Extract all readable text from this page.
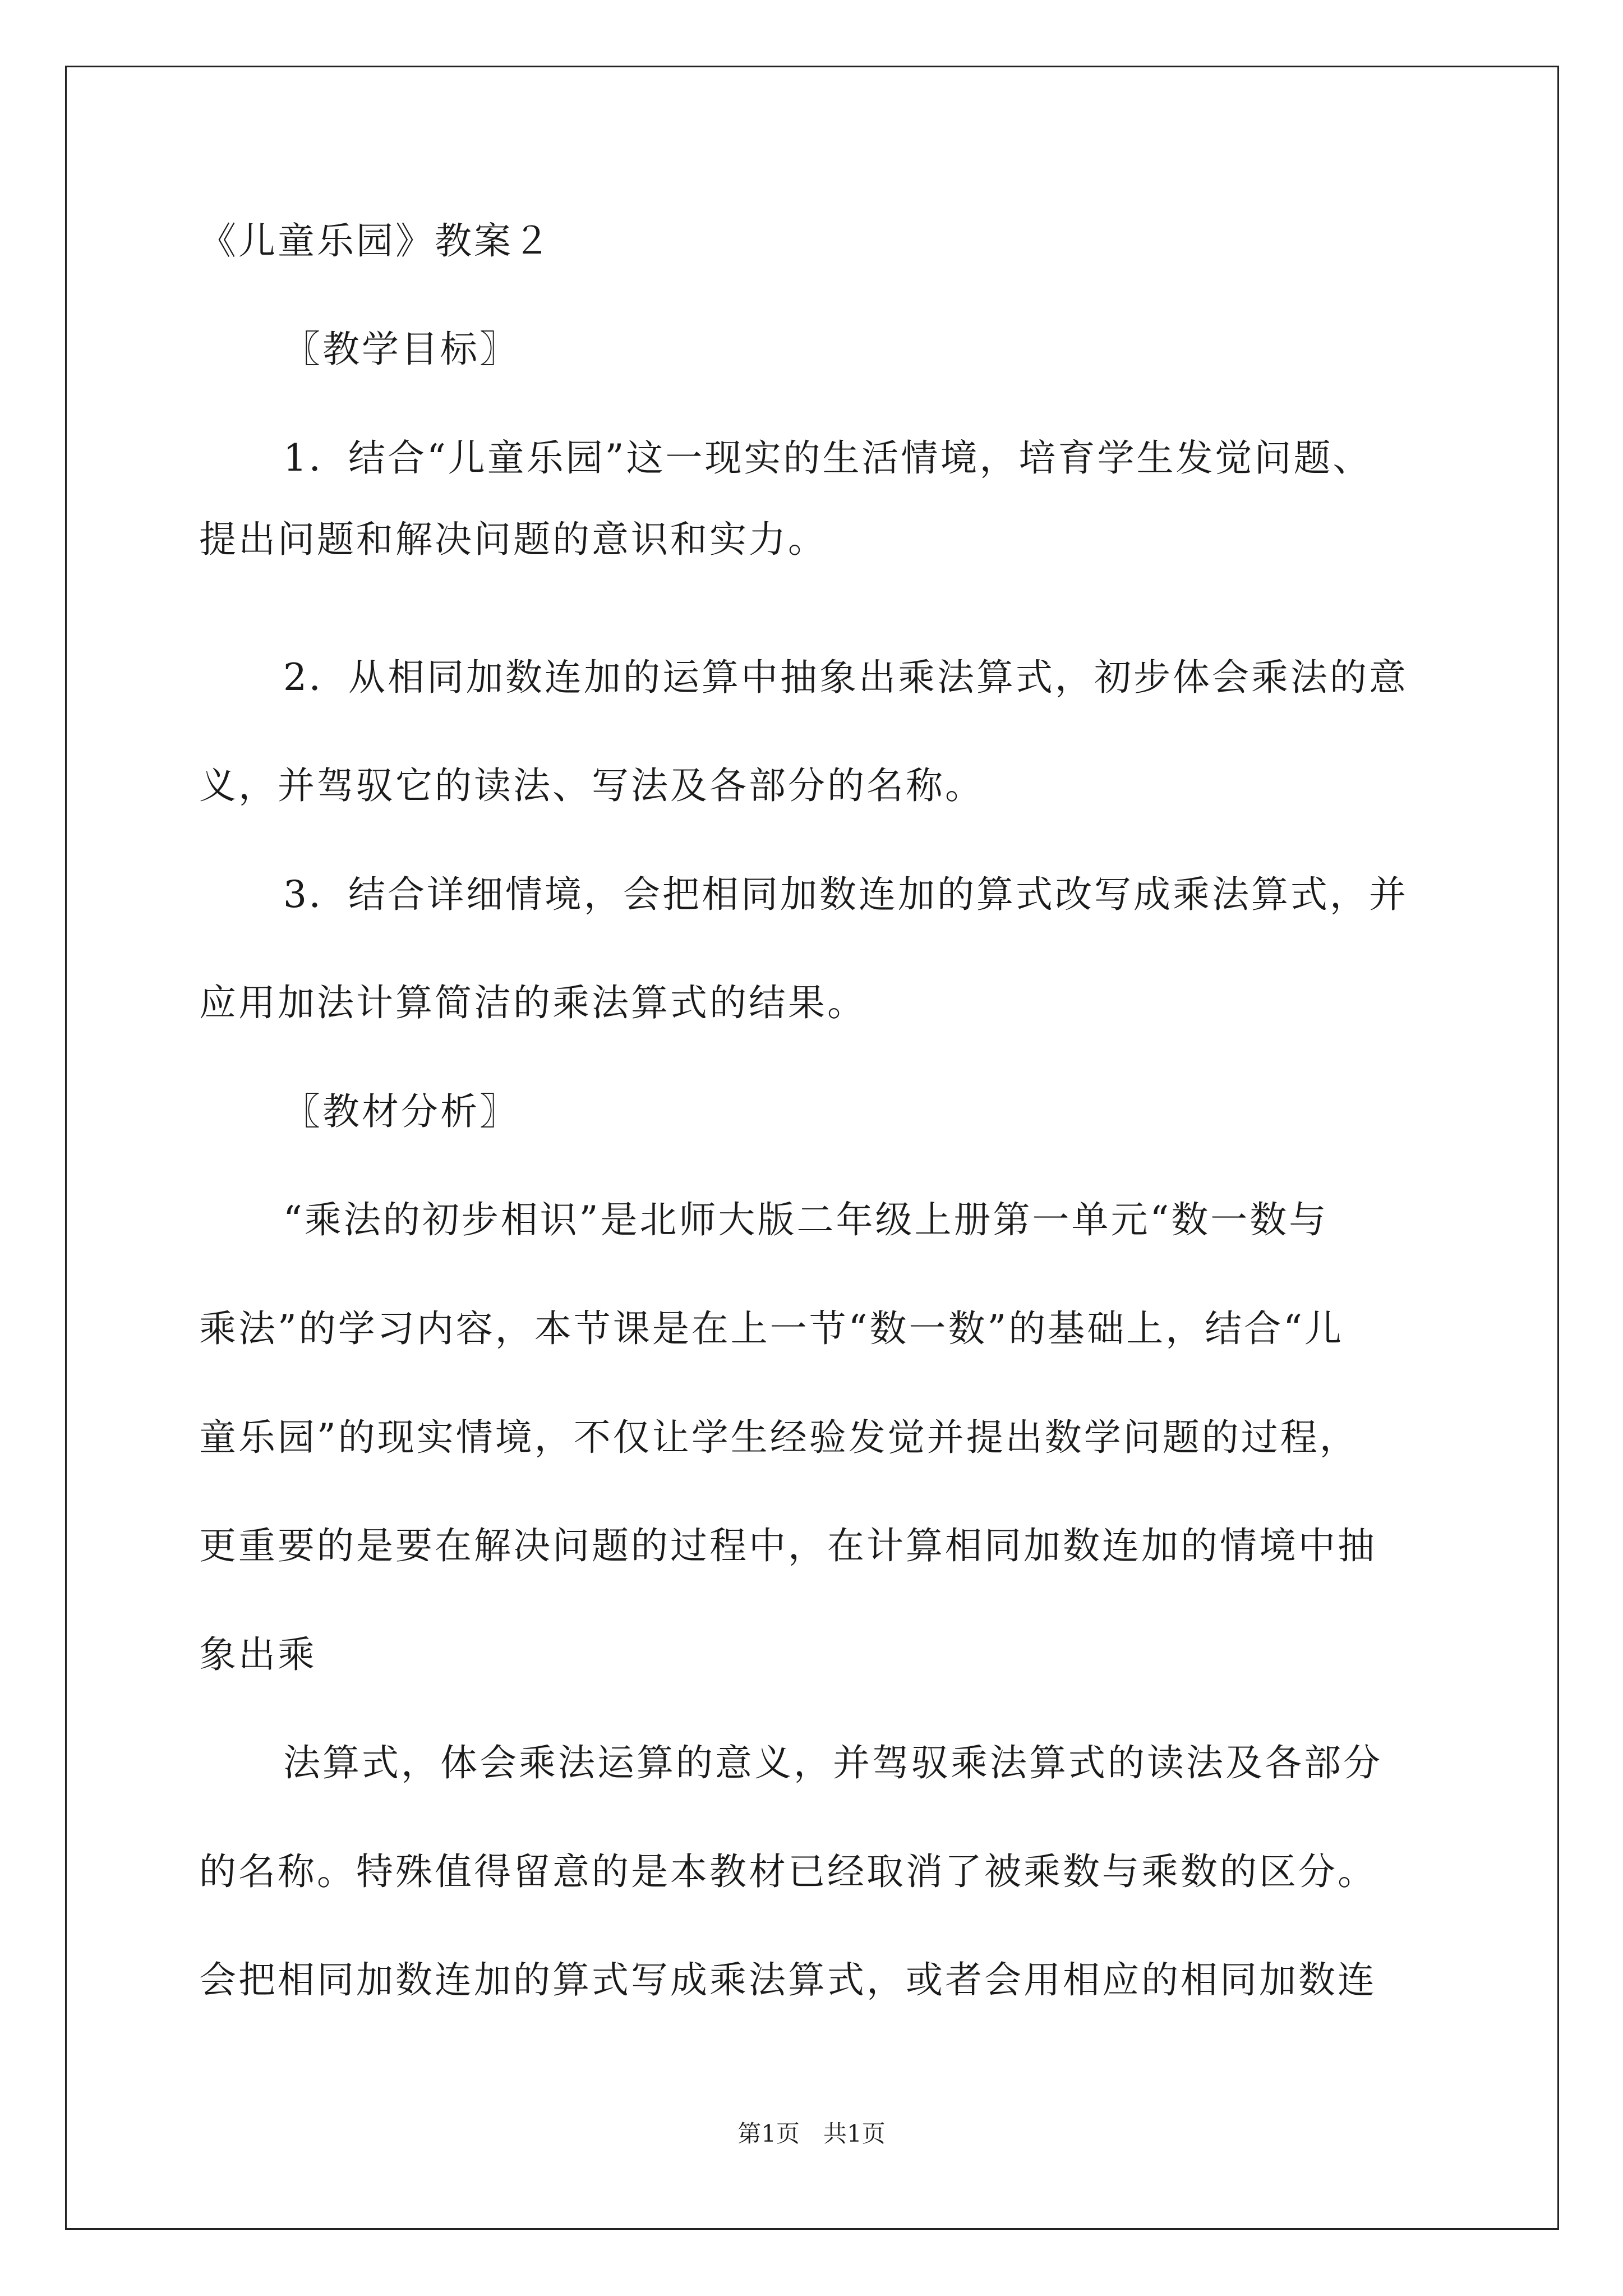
《儿童乐园》教案２
〖教学目标〗
1．结合“儿童乐园”这一现实的生活情境，培育学生发觉问题、
提出问题和解决问题的意识和实力。
2．从相同加数连加的运算中抽象出乘法算式，初步体会乘法的意
义，并驾驭它的读法、写法及各部分的名称。
3．结合详细情境，会把相同加数连加的算式改写成乘法算式，并
应用加法计算简洁的乘法算式的结果。
〖教材分析〗
“乘法的初步相识”是北师大版二年级上册第一单元“数一数与
乘法”的学习内容，本节课是在上一节“数一数”的基础上，结合“儿
童乐园”的现实情境，不仅让学生经验发觉并提出数学问题的过程，
更重要的是要在解决问题的过程中，在计算相同加数连加的情境中抽
象出乘
法算式，体会乘法运算的意义，并驾驭乘法算式的读法及各部分
的名称。特殊值得留意的是本教材已经取消了被乘数与乘数的区分。
会把相同加数连加的算式写成乘法算式，或者会用相应的相同加数连
第1页　共1页
